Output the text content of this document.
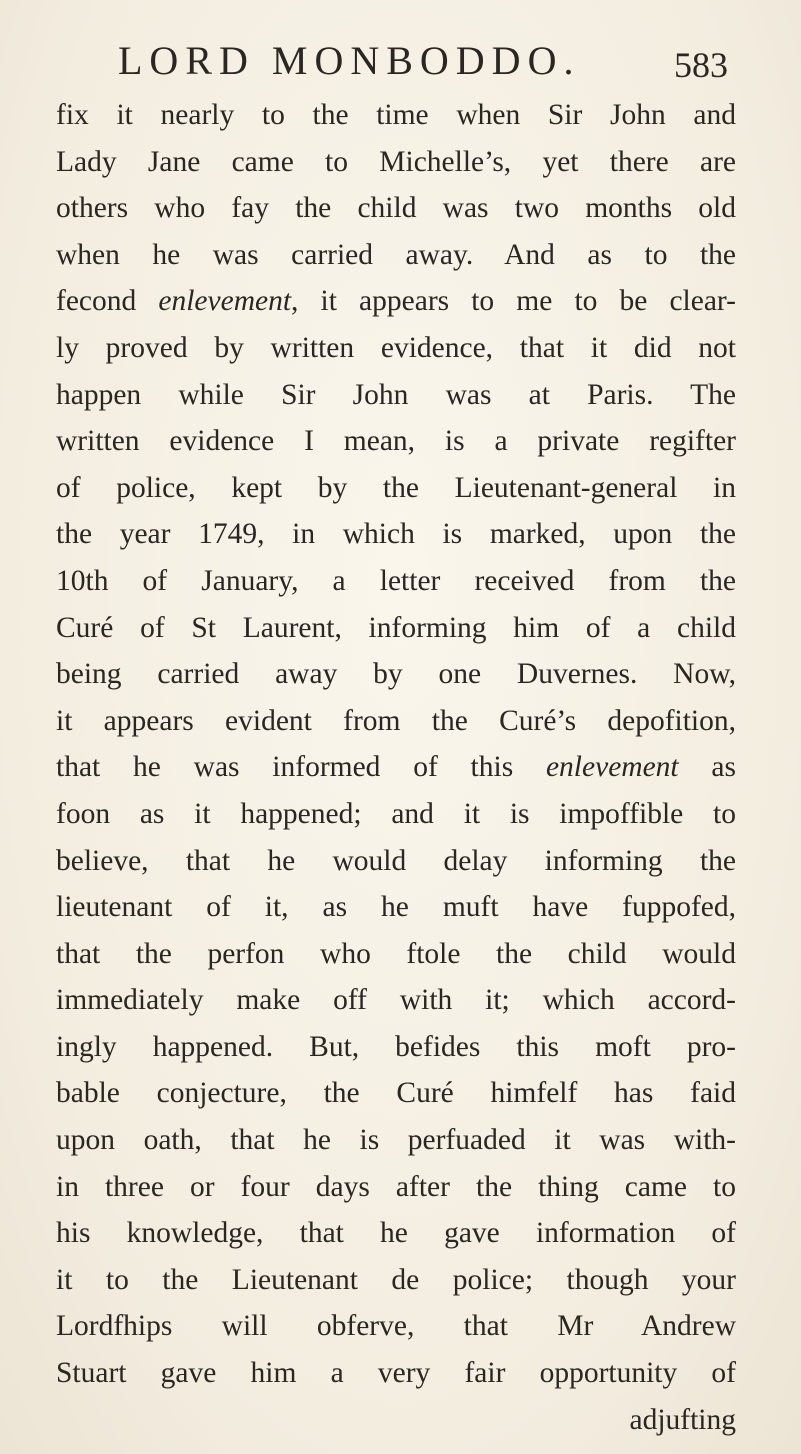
LORD MONBODDO.	583
fix it nearly to the time when Sir John and
Lady Jane came to Michelle’s, yet there are
others who fay the child was two months old
when he was carried away. And as to the
fecond enlevement, it appears to me to be clear-
ly proved by written evidence, that it did not
happen while Sir John was at Paris. The
written evidence I mean, is a private regifter
of police, kept by the Lieutenant-general in
the year 1749, in which is marked, upon the
10th of January, a letter received from the
Curé of St Laurent, informing him of a child
being carried away by one Duvernes. Now,
it appears evident from the Curé’s depofition,
that he was informed of this enlevement as
foon as it happened; and it is impoffible to
believe, that he would delay informing the
lieutenant of it, as he muft have fuppofed,
that the perfon who ftole the child would
immediately make off with it; which accord-
ingly happened. But, befides this moft pro-
bable conjecture, the Curé himfelf has faid
upon oath, that he is perfuaded it was with-
in three or four days after the thing came to
his knowledge, that he gave information of
it to the Lieutenant de police; though your
Lordfhips will obferve, that Mr Andrew
Stuart gave him a very fair opportunity of
adjufting
